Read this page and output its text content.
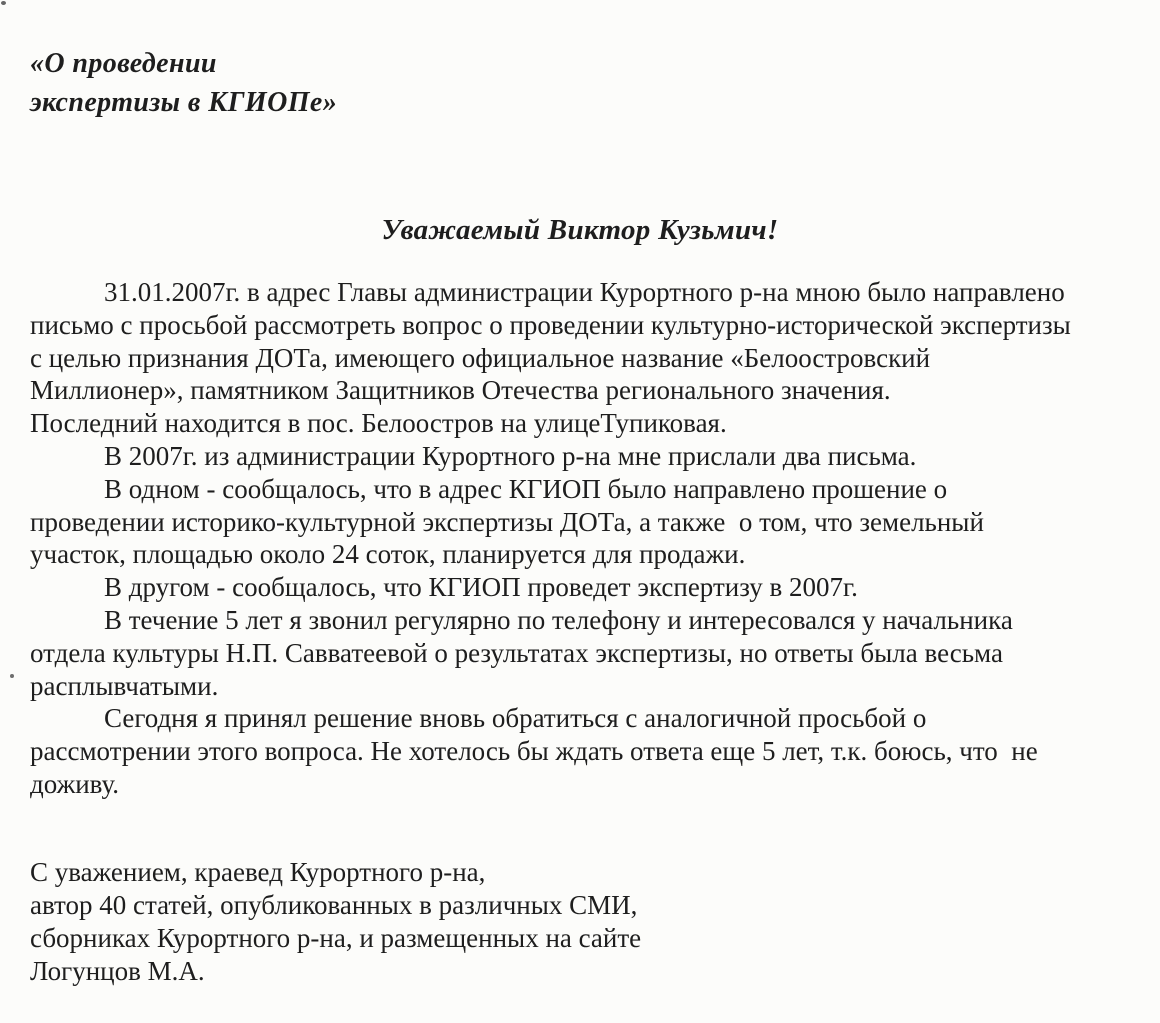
«О проведении
экспертизы в КГИОПе»
Уважаемый Виктор Кузьмич!
31.01.2007г. в адрес Главы администрации Курортного р-на мною было направлено
письмо с просьбой рассмотреть вопрос о проведении культурно-исторической экспертизы
с целью признания ДОТа, имеющего официальное название «Белоостровский
Миллионер», памятником Защитников Отечества регионального значения.
Последний находится в пос. Белоостров на улицеТупиковая.
В 2007г. из администрации Курортного р-на мне прислали два письма.
В одном - сообщалось, что в адрес КГИОП было направлено прошение о
проведении историко-культурной экспертизы ДОТа, а также  о том, что земельный
участок, площадью около 24 соток, планируется для продажи.
В другом - сообщалось, что КГИОП проведет экспертизу в 2007г.
В течение 5 лет я звонил регулярно по телефону и интересовался у начальника
отдела культуры Н.П. Савватеевой о результатах экспертизы, но ответы была весьма
расплывчатыми.
Сегодня я принял решение вновь обратиться с аналогичной просьбой о
рассмотрении этого вопроса. Не хотелось бы ждать ответа еще 5 лет, т.к. боюсь, что  не
доживу.
С уважением, краевед Курортного р-на,
автор 40 статей, опубликованных в различных СМИ,
сборниках Курортного р-на, и размещенных на сайте
Логунцов М.А.
